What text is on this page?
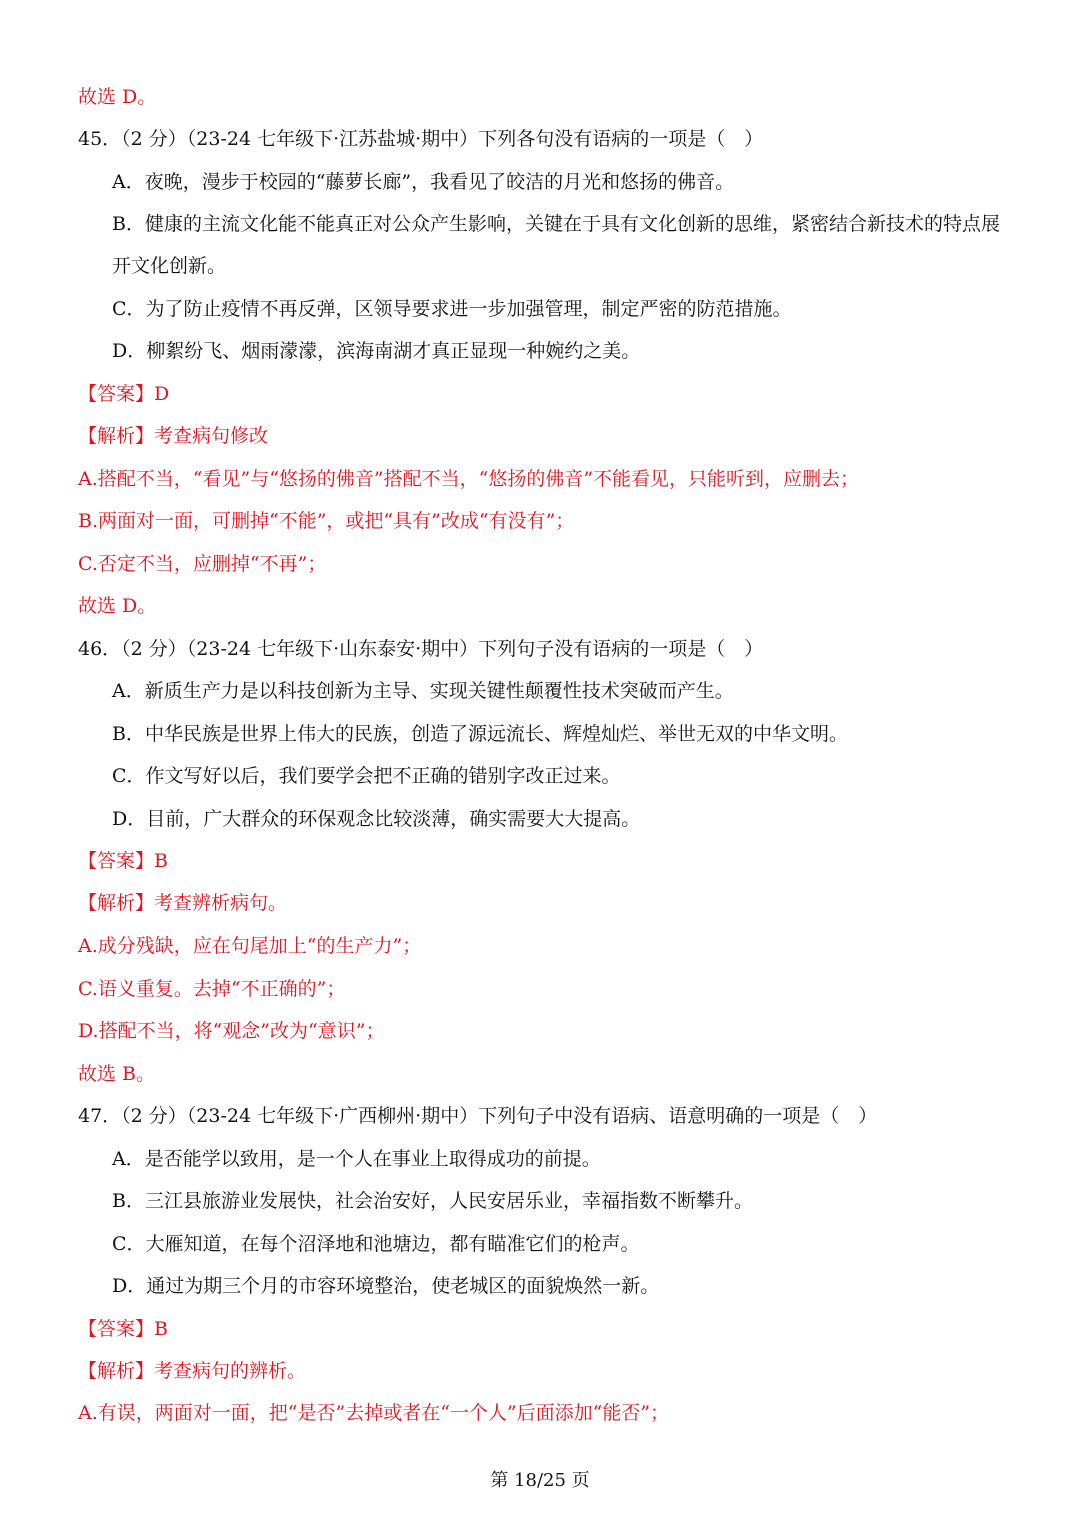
故选 D。
45．（2 分）（23-24 七年级下·江苏盐城·期中）下列各句没有语病的一项是（　）
A．夜晚，漫步于校园的“藤萝长廊”，我看见了皎洁的月光和悠扬的佛音。
B．健康的主流文化能不能真正对公众产生影响，关键在于具有文化创新的思维，紧密结合新技术的特点展
开文化创新。
C．为了防止疫情不再反弹，区领导要求进一步加强管理，制定严密的防范措施。
D．柳絮纷飞、烟雨濛濛，滨海南湖才真正显现一种婉约之美。
【答案】D
【解析】考查病句修改
A.搭配不当，“看见”与“悠扬的佛音”搭配不当，“悠扬的佛音”不能看见，只能听到，应删去；
B.两面对一面，可删掉“不能”，或把“具有”改成“有没有”；
C.否定不当，应删掉“不再”；
故选 D。
46．（2 分）（23-24 七年级下·山东泰安·期中）下列句子没有语病的一项是（　）
A．新质生产力是以科技创新为主导、实现关键性颠覆性技术突破而产生。
B．中华民族是世界上伟大的民族，创造了源远流长、辉煌灿烂、举世无双的中华文明。
C．作文写好以后，我们要学会把不正确的错别字改正过来。
D．目前，广大群众的环保观念比较淡薄，确实需要大大提高。
【答案】B
【解析】考查辨析病句。
A.成分残缺，应在句尾加上“的生产力”；
C.语义重复。去掉“不正确的”；
D.搭配不当，将“观念”改为“意识”；
故选 B。
47．（2 分）（23-24 七年级下·广西柳州·期中）下列句子中没有语病、语意明确的一项是（　）
A．是否能学以致用，是一个人在事业上取得成功的前提。
B．三江县旅游业发展快，社会治安好，人民安居乐业，幸福指数不断攀升。
C．大雁知道，在每个沼泽地和池塘边，都有瞄准它们的枪声。
D．通过为期三个月的市容环境整治，使老城区的面貌焕然一新。
【答案】B
【解析】考查病句的辨析。
A.有误，两面对一面，把“是否”去掉或者在“一个人”后面添加“能否”；
第 18/25 页
